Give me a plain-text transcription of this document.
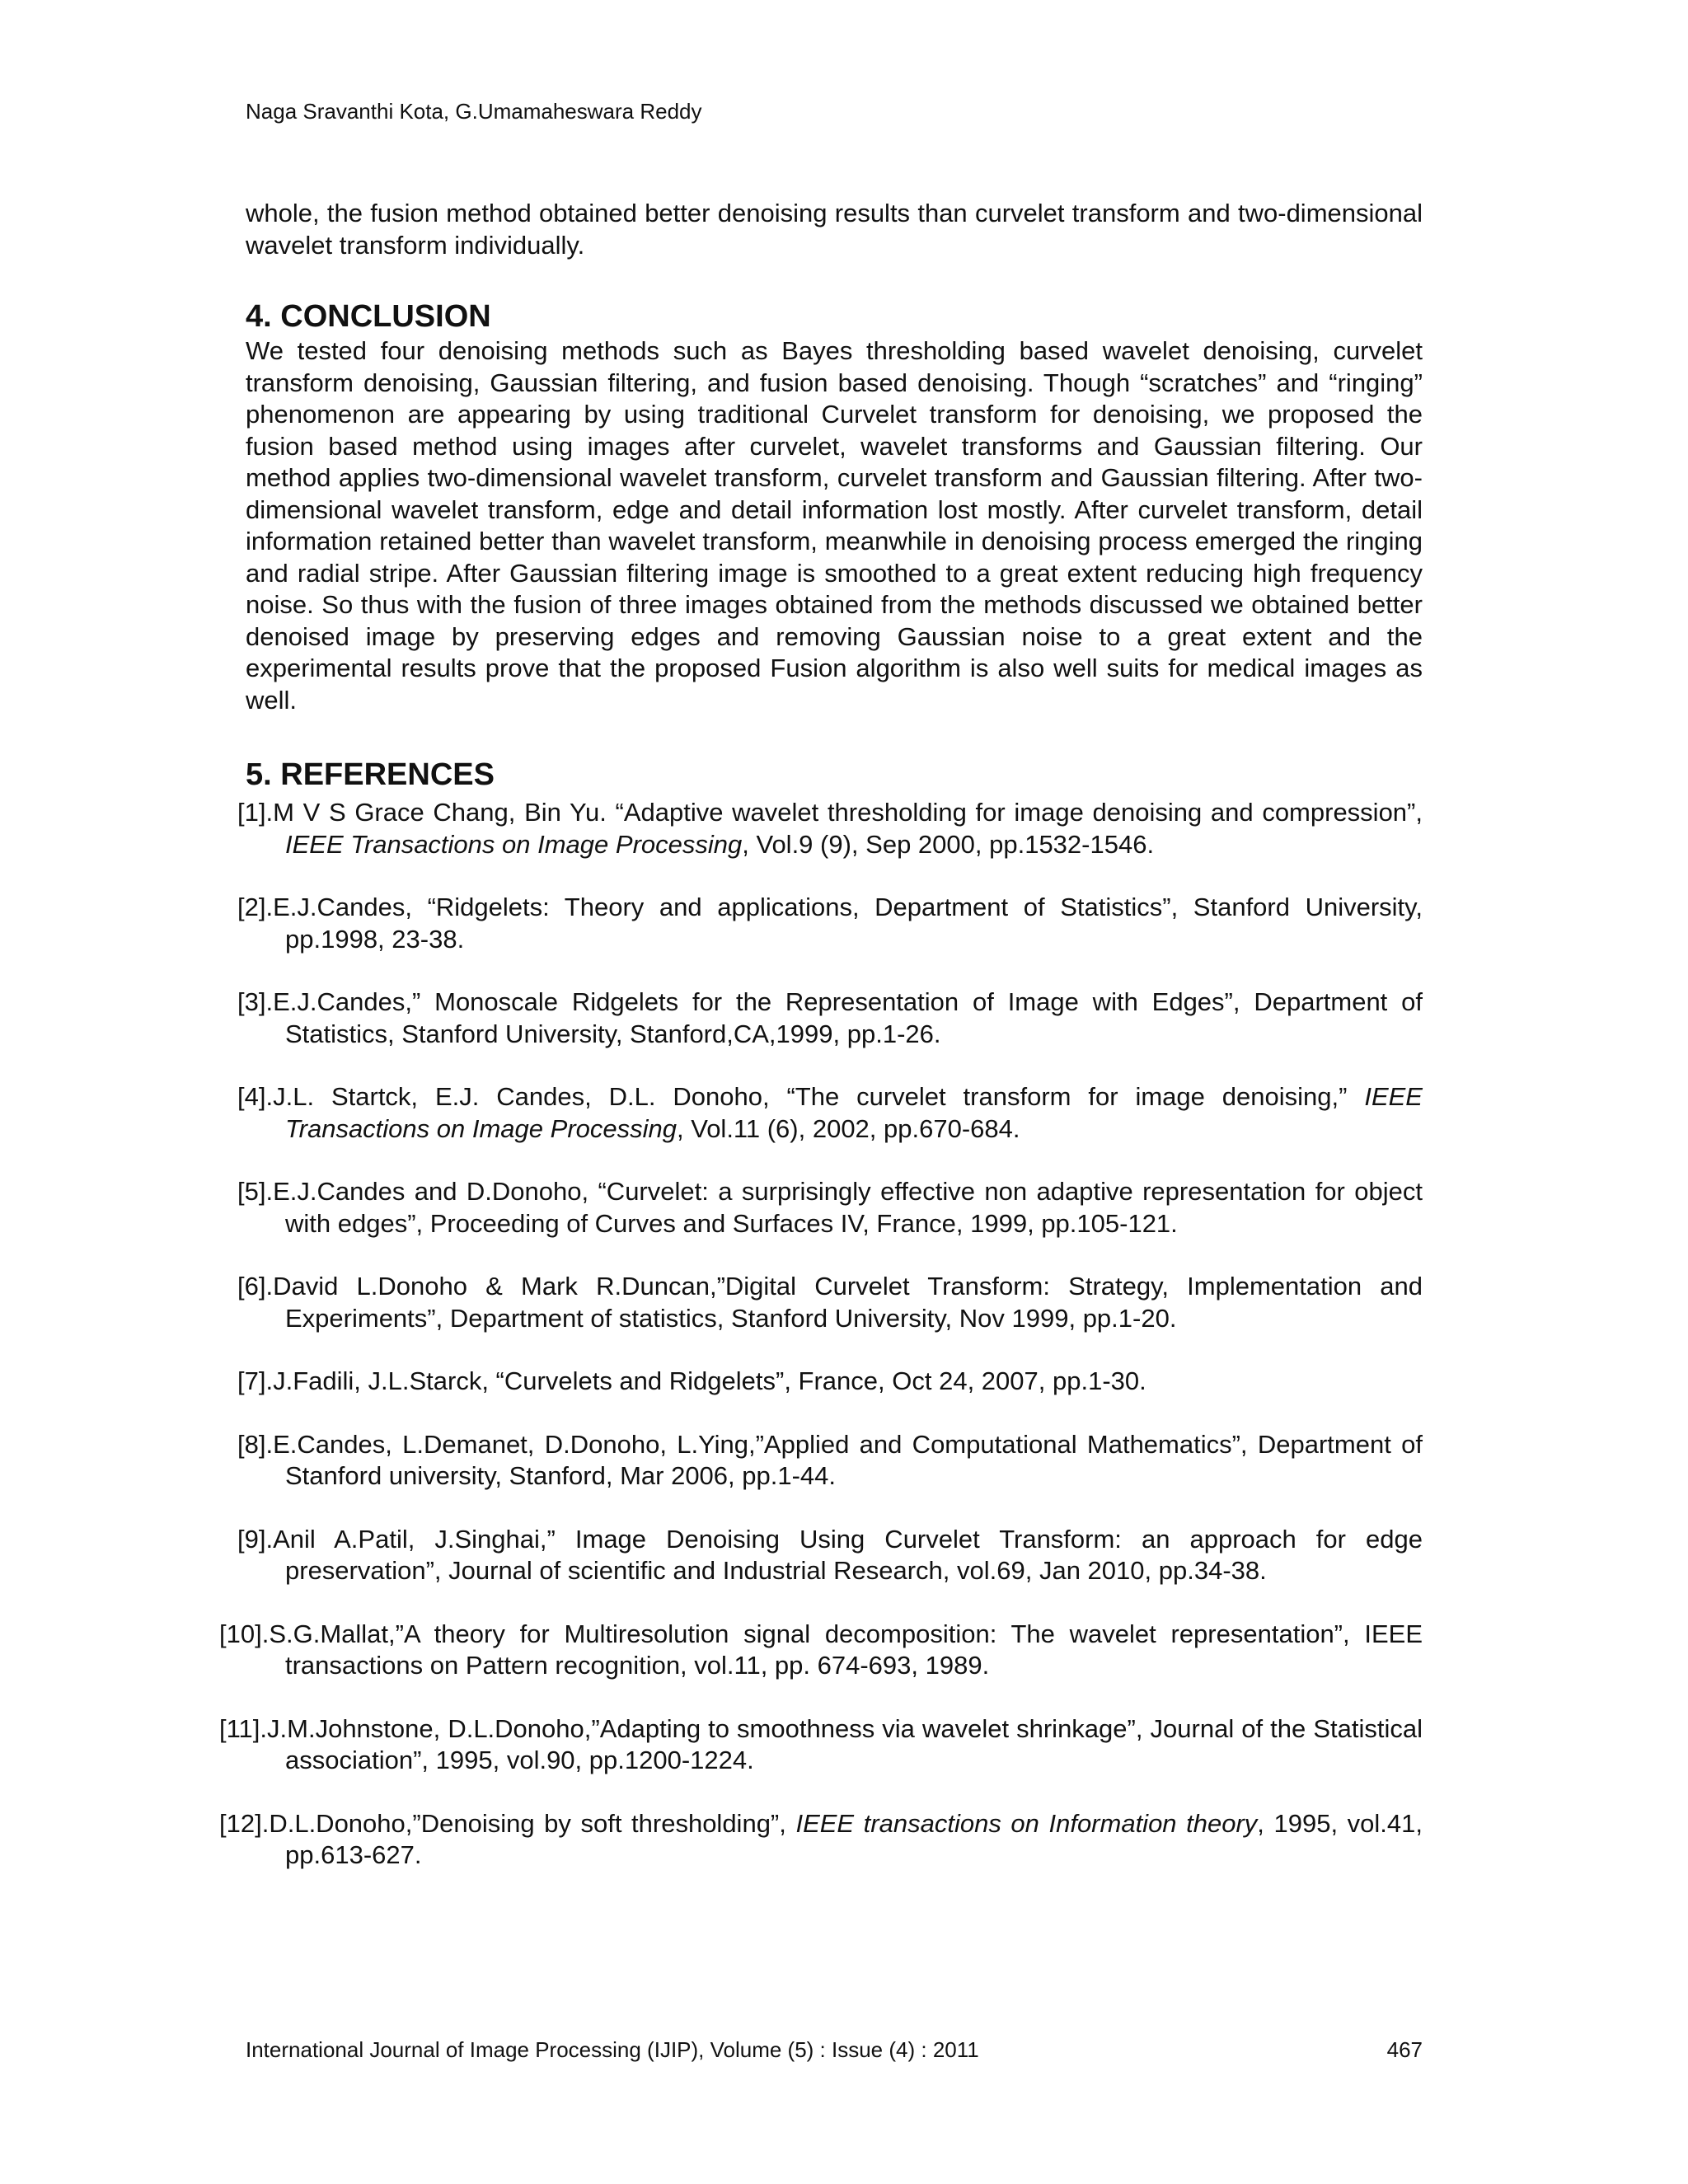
Naga Sravanthi Kota, G.Umamaheswara Reddy

whole, the fusion method obtained better denoising results than curvelet transform and two-dimensional wavelet transform individually.

4. CONCLUSION

We tested four denoising methods such as Bayes thresholding based wavelet denoising, curvelet transform denoising, Gaussian filtering, and fusion based denoising. Though “scratches” and “ringing” phenomenon are appearing by using traditional Curvelet transform for denoising, we proposed the fusion based method using images after curvelet, wavelet transforms and Gaussian filtering. Our method applies two-dimensional wavelet transform, curvelet transform and Gaussian filtering. After two-dimensional wavelet transform, edge and detail information lost mostly. After curvelet transform, detail information retained better than wavelet transform, meanwhile in denoising process emerged the ringing and radial stripe. After Gaussian filtering image is smoothed to a great extent reducing high frequency noise. So thus with the fusion of three images obtained from the methods discussed we obtained better denoised image by preserving edges and removing Gaussian noise to a great extent and the experimental results prove that the proposed Fusion algorithm is also well suits for medical images as well.

5. REFERENCES
[1].M V S Grace Chang, Bin Yu. “Adaptive wavelet thresholding for image denoising and compression”, IEEE Transactions on Image Processing, Vol.9 (9), Sep 2000, pp.1532-1546.
[2].E.J.Candes, “Ridgelets: Theory and applications, Department of Statistics”, Stanford University, pp.1998, 23-38.
[3].E.J.Candes,” Monoscale Ridgelets for the Representation of Image with Edges”, Department of Statistics, Stanford University, Stanford,CA,1999, pp.1-26.
[4].J.L. Startck, E.J. Candes, D.L. Donoho, “The curvelet transform for image denoising,” IEEE Transactions on Image Processing, Vol.11 (6), 2002, pp.670-684.
[5].E.J.Candes and D.Donoho, “Curvelet: a surprisingly effective non adaptive representation for object with edges”, Proceeding of Curves and Surfaces IV, France, 1999, pp.105-121.
[6].David L.Donoho & Mark R.Duncan,”Digital Curvelet Transform: Strategy, Implementation and Experiments”, Department of statistics, Stanford University, Nov 1999, pp.1-20.
[7].J.Fadili, J.L.Starck, “Curvelets and Ridgelets”, France, Oct 24, 2007, pp.1-30.
[8].E.Candes, L.Demanet, D.Donoho, L.Ying,”Applied and Computational Mathematics”, Department of Stanford university, Stanford, Mar 2006, pp.1-44.
[9].Anil A.Patil, J.Singhai,” Image Denoising Using Curvelet Transform: an approach for edge preservation”, Journal of scientific and Industrial Research, vol.69, Jan 2010, pp.34-38.
[10].S.G.Mallat,”A theory for Multiresolution signal decomposition: The wavelet representation”, IEEE transactions on Pattern recognition, vol.11, pp. 674-693, 1989.
[11].J.M.Johnstone, D.L.Donoho,”Adapting to smoothness via wavelet shrinkage”, Journal of the Statistical association”, 1995, vol.90, pp.1200-1224.
[12].D.L.Donoho,”Denoising by soft thresholding”, IEEE transactions on Information theory, 1995, vol.41, pp.613-627.
International Journal of Image Processing (IJIP), Volume (5) : Issue (4) : 2011	467
